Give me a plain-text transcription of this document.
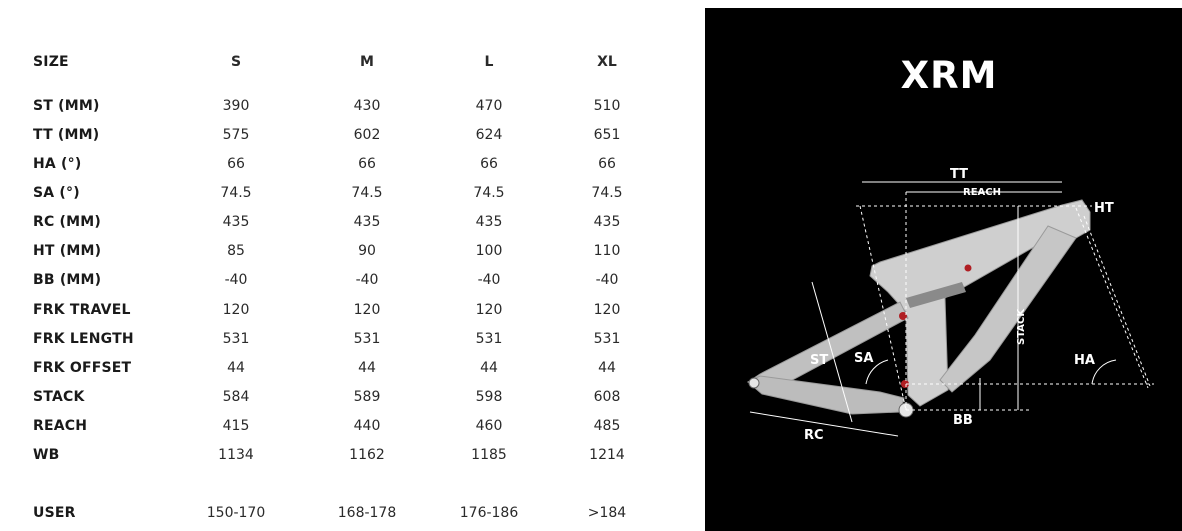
SIZE	S	M	L	XL
ST (MM)	390	430	470	510
TT (MM)	575	602	624	651
HA (°)	66	66	66	66
SA (°)	74.5	74.5	74.5	74.5
RC (MM)	435	435	435	435
HT (MM)	85	90	100	110
BB (MM)	-40	-40	-40	-40
FRK TRAVEL	120	120	120	120
FRK LENGTH	531	531	531	531
FRK OFFSET	44	44	44	44
STACK	584	589	598	608
REACH	415	440	460	485
WB	1134	1162	1185	1214
USER	150-170	168-178	176-186	>184
XRM
TT
REACH
HT
STACK
HA
ST SA
RC
BB
